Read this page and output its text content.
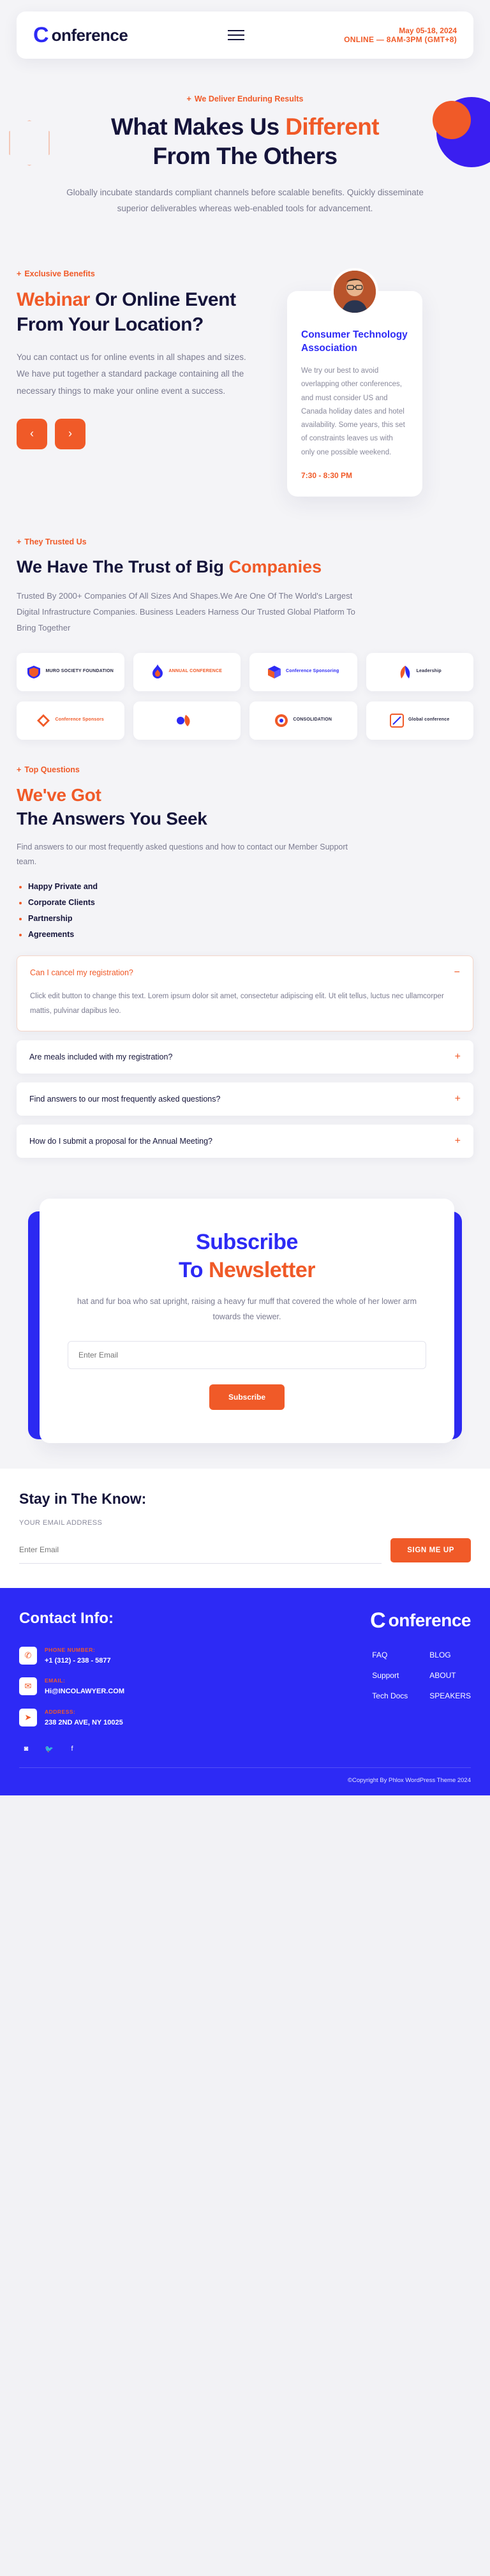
C onference	May 05-18, 2024
ONLINE — 8AM-3PM (GMT+8)
+ We Deliver Enduring Results
What Makes Us Different
From The Others

Globally incubate standards compliant channels before scalable benefits. Quickly disseminate superior deliverables whereas web-enabled tools for advancement.

+ Exclusive Benefits
Webinar Or Online Event From Your Location?

You can contact us for online events in all shapes and sizes. We have put together a standard package containing all the necessary things to make your online event a success.

‹	›
Consumer Technology Association
We try our best to avoid overlapping other conferences, and must consider US and Canada holiday dates and hotel availability. Some years, this set of constraints leaves us with only one possible weekend.
7:30 - 8:30 PM
+ They Trusted Us
We Have The Trust of Big Companies

Trusted By 2000+ Companies Of All Sizes And Shapes.We Are One Of The World's Largest Digital Infrastructure Companies. Business Leaders Harness Our Trusted Global Platform To Bring Together

MURO SOCIETY FOUNDATION	ANNUAL CONFERENCE	Conference Sponsoring	Leadership
Conference Sponsors	CONSOLIDATION	Global conference
+ Top Questions
We've Got
The Answers You Seek

Find answers to our most frequently asked questions and how to contact our Member Support team.

• Happy Private and
• Corporate Clients
• Partnership
• Agreements
Can I cancel my registration?	−
Click edit button to change this text. Lorem ipsum dolor sit amet, consectetur adipiscing elit. Ut elit tellus, luctus nec ullamcorper mattis, pulvinar dapibus leo.
Are meals included with my registration?	+
Find answers to our most frequently asked questions?	+
How do I submit a proposal for the Annual Meeting?	+
Subscribe
To Newsletter

hat and fur boa who sat upright, raising a heavy fur muff that covered the whole of her lower arm towards the viewer.

Enter Email Subscribe
Stay in The Know:
YOUR EMAIL ADDRESS
Enter Email
SIGN ME UP
Contact Info:	C onference
✆
PHONE NUMBER:
+1 (312) - 238 - 5877
✉
EMAIL:
Hi@INCOLAWYER.COM
➤
ADDRESS:
238 2ND AVE, NY 10025
FAQ
Support
Tech Docs
BLOG
ABOUT
SPEAKERS
◙	🐦	f
©Copyright By Phlox WordPress Theme 2024
